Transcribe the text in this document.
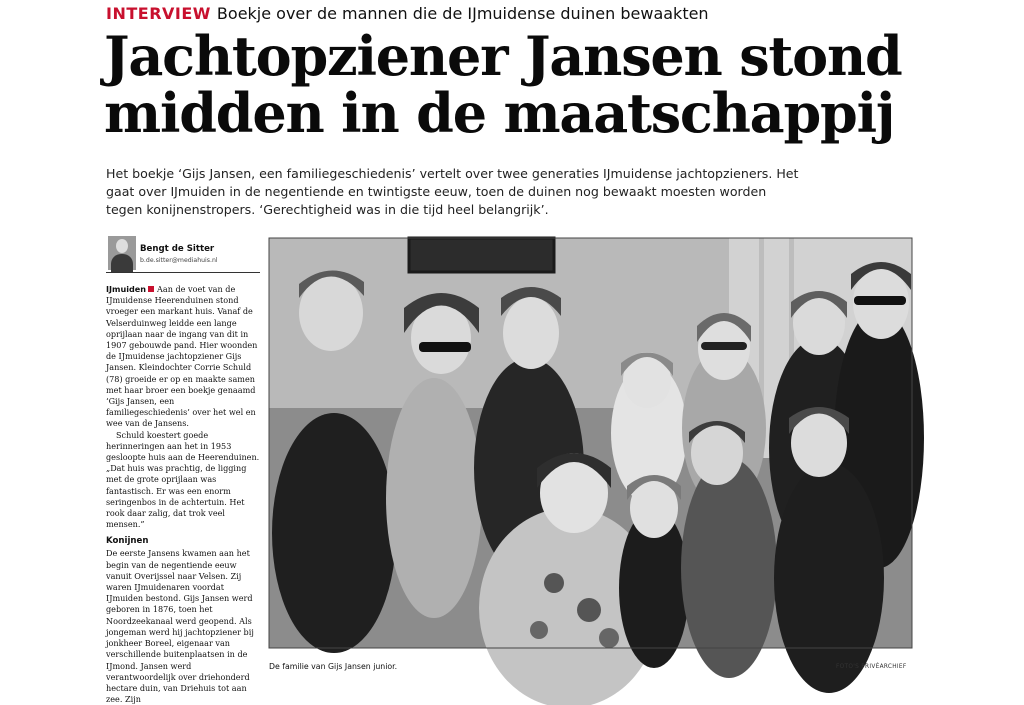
INTERVIEW Boekje over de mannen die de IJmuidense duinen bewaakten
Jachtopziener Jansen stond midden in de maatschappij

Het boekje ‘Gijs Jansen, een familiegeschiedenis’ vertelt over twee generaties IJmuidense jachtopzieners. Het gaat over IJmuiden in de negentiende en twintigste eeuw, toen de duinen nog bewaakt moesten worden tegen konijnenstropers. ‘Gerechtigheid was in die tijd heel belangrijk’.

Bengt de Sitter
b.de.sitter@mediahuis.nl

IJmuiden Aan de voet van de IJmuidense Heerenduinen stond vroeger een markant huis. Vanaf de Velserduinweg leidde een lange oprijlaan naar de ingang van dit in 1907 gebouwde pand. Hier woonden de IJmuidense jachtopziener Gijs Jansen. Kleindochter Corrie Schuld (78) groeide er op en maakte samen met haar broer een boekje genaamd ‘Gijs Jansen, een familiegeschiedenis’ over het wel en wee van de Jansens.

Schuld koestert goede herinneringen aan het in 1953 gesloopte huis aan de Heerenduinen. „Dat huis was prachtig, de ligging met de grote oprijlaan was fantastisch. Er was een enorm seringenbos in de achtertuin. Het rook daar zalig, dat trok veel mensen.”

Konijnen

De eerste Jansens kwamen aan het begin van de negentiende eeuw vanuit Overijssel naar Velsen. Zij waren IJmuidenaren voordat IJmuiden bestond. Gijs Jansen werd geboren in 1876, toen het Noordzeekanaal werd geopend. Als jongeman werd hij jachtopziener bij jonkheer Boreel, eigenaar van verschillende buitenplaatsen in de IJmond. Jansen werd verantwoordelijk over driehonderd hectare duin, van Driehuis tot aan zee. Zijn

De familie van Gijs Jansen junior.	FOTO'S PRIVÉARCHIEF
